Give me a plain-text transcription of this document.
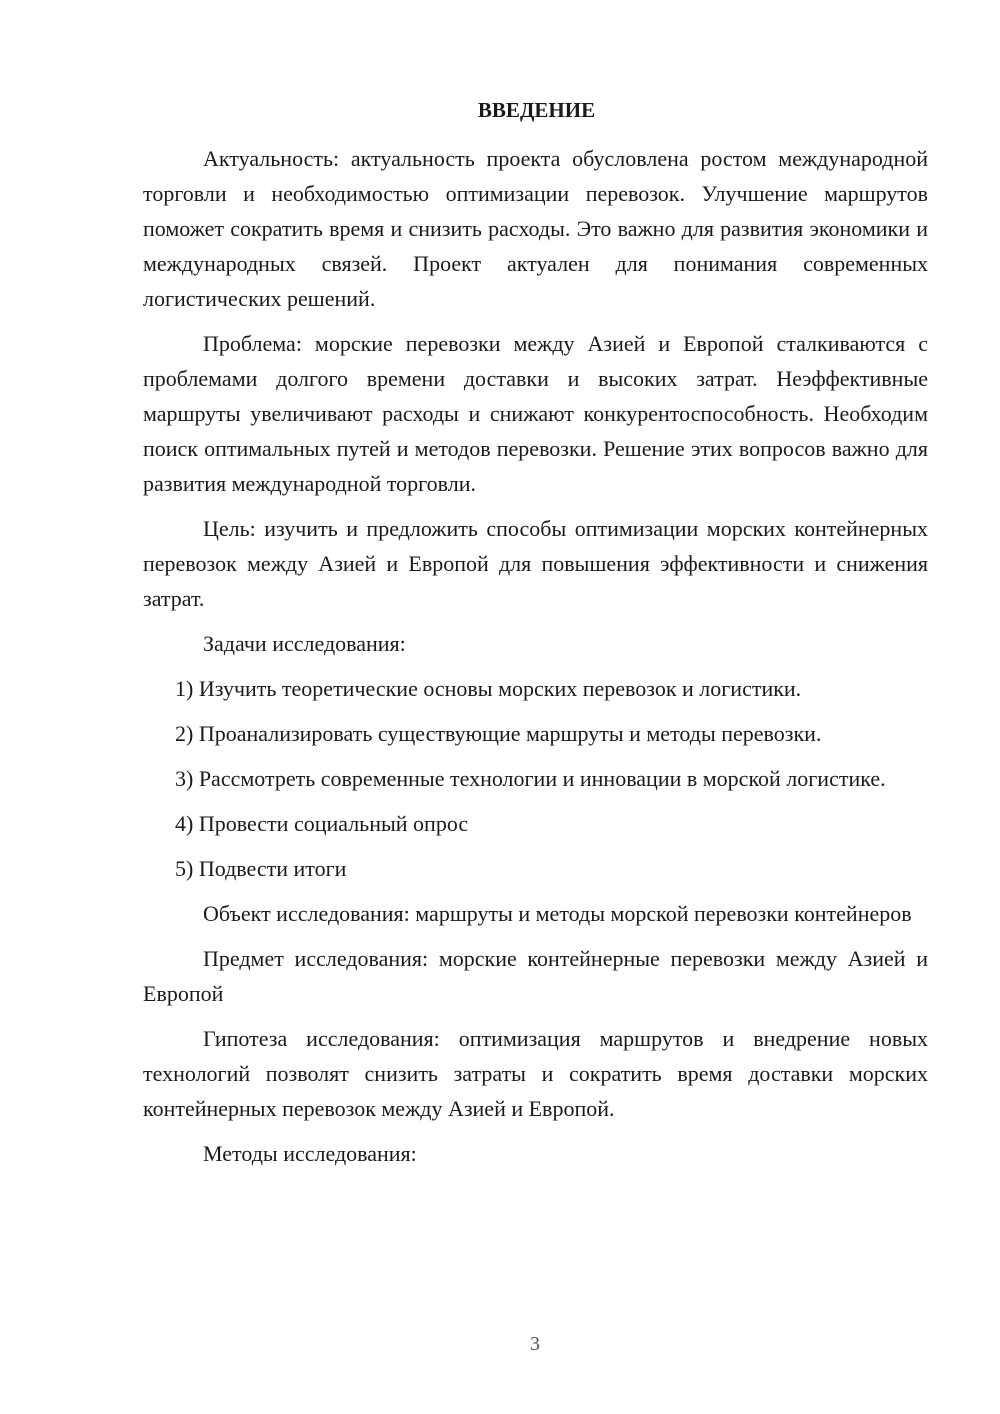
ВВЕДЕНИЕ

Актуальность: актуальность проекта обусловлена ростом международной торговли и необходимостью оптимизации перевозок. Улучшение маршрутов поможет сократить время и снизить расходы. Это важно для развития экономики и международных связей. Проект актуален для понимания современных логистических решений.

Проблема: морские перевозки между Азией и Европой сталкиваются с проблемами долгого времени доставки и высоких затрат. Неэффективные маршруты увеличивают расходы и снижают конкурентоспособность. Необходим поиск оптимальных путей и методов перевозки. Решение этих вопросов важно для развития международной торговли.

Цель: изучить и предложить способы оптимизации морских контейнерных перевозок между Азией и Европой для повышения эффективности и снижения затрат.

Задачи исследования:

1) Изучить теоретические основы морских перевозок и логистики.

2) Проанализировать существующие маршруты и методы перевозки.

3) Рассмотреть современные технологии и инновации в морской логистике.

4) Провести социальный опрос

5) Подвести итоги

Объект исследования: маршруты и методы морской перевозки контейнеров

Предмет исследования: морские контейнерные перевозки между Азией и Европой

Гипотеза исследования: оптимизация маршрутов и внедрение новых технологий позволят снизить затраты и сократить время доставки морских контейнерных перевозок между Азией и Европой.

Методы исследования:

3
